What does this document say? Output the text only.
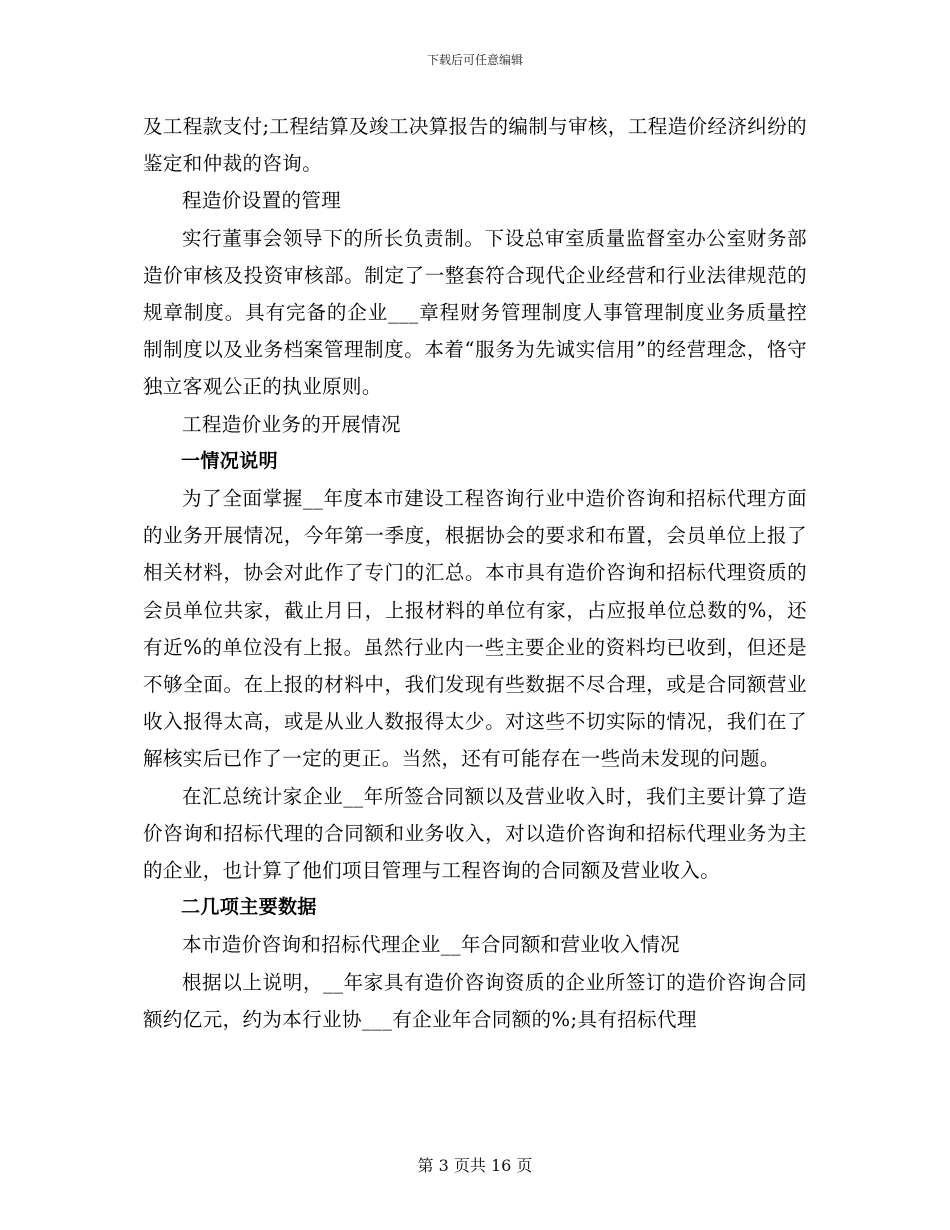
下载后可任意编辑

及工程款支付;工程结算及竣工决算报告的编制与审核，工程造价经济纠纷的鉴定和仲裁的咨询。

程造价设置的管理

实行董事会领导下的所长负责制。下设总审室质量监督室办公室财务部造价审核及投资审核部。制定了一整套符合现代企业经营和行业法律规范的规章制度。具有完备的企业___章程财务管理制度人事管理制度业务质量控制制度以及业务档案管理制度。本着“服务为先诚实信用”的经营理念，恪守独立客观公正的执业原则。

工程造价业务的开展情况

一情况说明

为了全面掌握__年度本市建设工程咨询行业中造价咨询和招标代理方面的业务开展情况，今年第一季度，根据协会的要求和布置，会员单位上报了相关材料，协会对此作了专门的汇总。本市具有造价咨询和招标代理资质的会员单位共家，截止月日，上报材料的单位有家，占应报单位总数的%，还有近%的单位没有上报。虽然行业内一些主要企业的资料均已收到，但还是不够全面。在上报的材料中，我们发现有些数据不尽合理，或是合同额营业收入报得太高，或是从业人数报得太少。对这些不切实际的情况，我们在了解核实后已作了一定的更正。当然，还有可能存在一些尚未发现的问题。

在汇总统计家企业__年所签合同额以及营业收入时，我们主要计算了造价咨询和招标代理的合同额和业务收入，对以造价咨询和招标代理业务为主的企业，也计算了他们项目管理与工程咨询的合同额及营业收入。

二几项主要数据

本市造价咨询和招标代理企业__年合同额和营业收入情况

根据以上说明，__年家具有造价咨询资质的企业所签订的造价咨询合同额约亿元，约为本行业协___有企业年合同额的%;具有招标代理

第 3 页共 16 页
